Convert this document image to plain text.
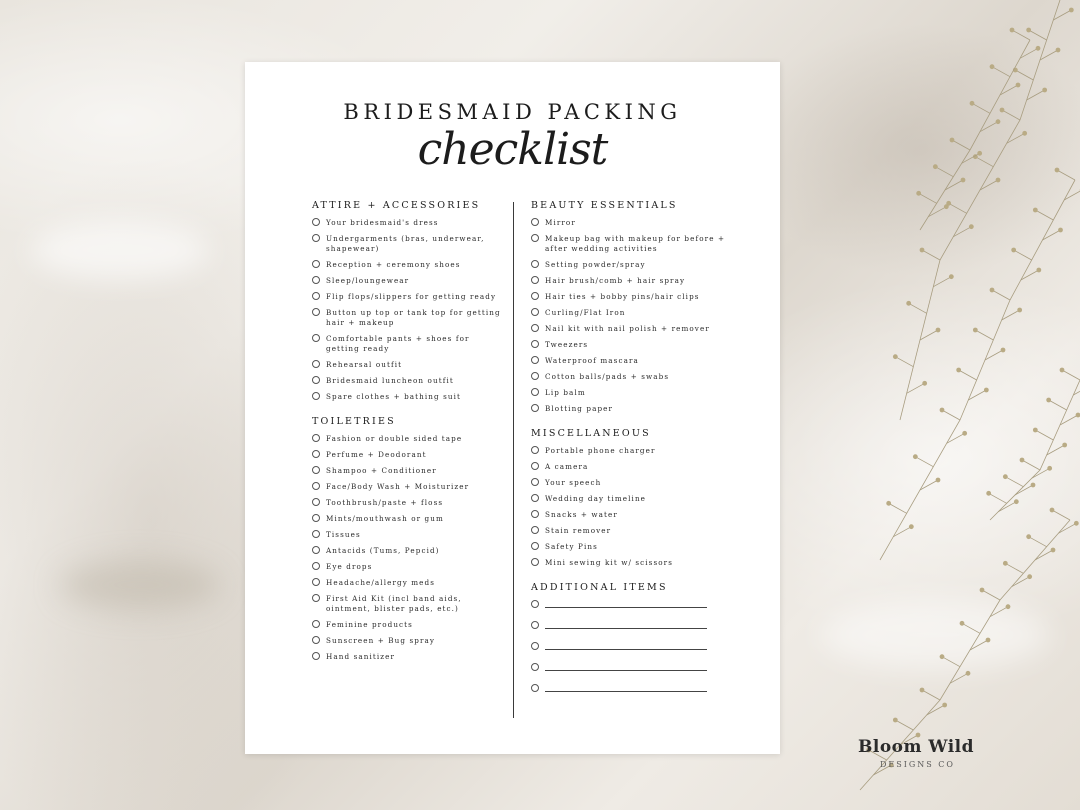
BRIDESMAID PACKING
checklist
ATTIRE + ACCESSORIES
Your bridesmaid's dress
Undergarments (bras, underwear, shapewear)
Reception + ceremony shoes
Sleep/loungewear
Flip flops/slippers for getting ready
Button up top or tank top for getting hair + makeup
Comfortable pants + shoes for getting ready
Rehearsal outfit
Bridesmaid luncheon outfit
Spare clothes + bathing suit
TOILETRIES
Fashion or double sided tape
Perfume + Deodorant
Shampoo + Conditioner
Face/Body Wash + Moisturizer
Toothbrush/paste + floss
Mints/mouthwash or gum
Tissues
Antacids (Tums, Pepcid)
Eye drops
Headache/allergy meds
First Aid Kit (incl band aids, ointment, blister pads, etc.)
Feminine products
Sunscreen + Bug spray
Hand sanitizer
BEAUTY ESSENTIALS
Mirror
Makeup bag with makeup for before + after wedding activities
Setting powder/spray
Hair brush/comb + hair spray
Hair ties + bobby pins/hair clips
Curling/Flat Iron
Nail kit with nail polish + remover
Tweezers
Waterproof mascara
Cotton balls/pads + swabs
Lip balm
Blotting paper
MISCELLANEOUS
Portable phone charger
A camera
Your speech
Wedding day timeline
Snacks + water
Stain remover
Safety Pins
Mini sewing kit w/ scissors
ADDITIONAL ITEMS
Bloom Wild
DESIGNS CO
